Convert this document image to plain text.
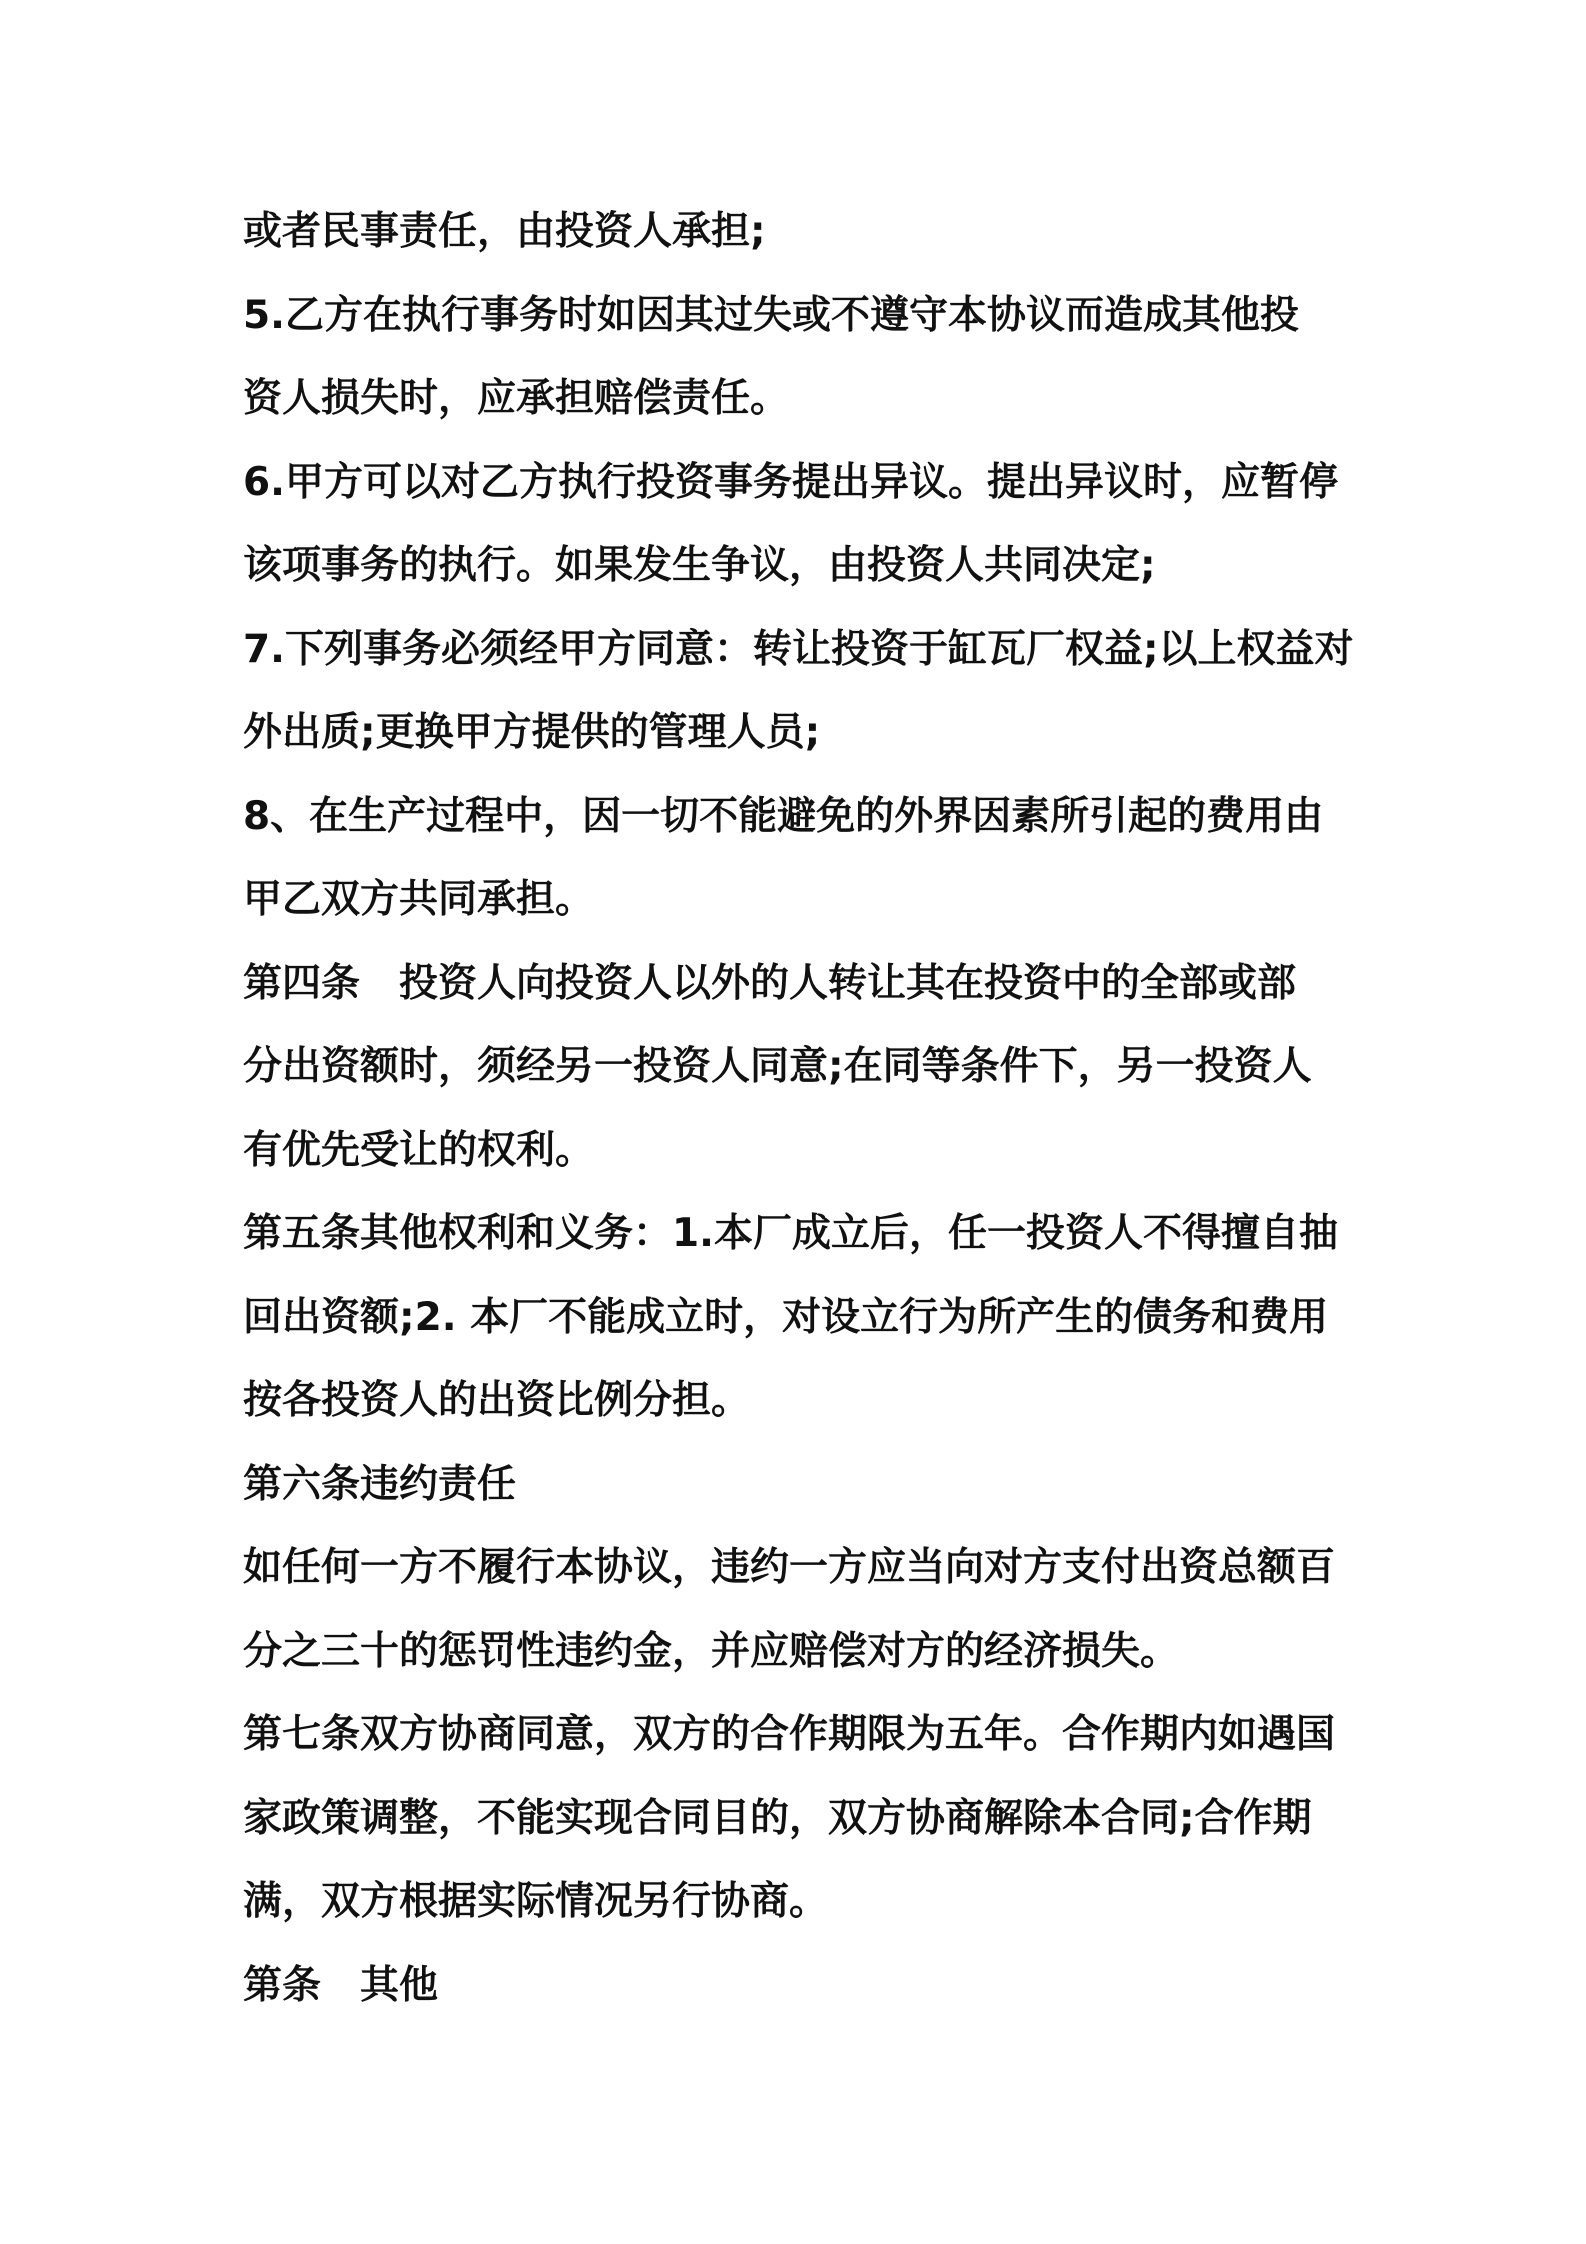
或者民事责任，由投资人承担;
5.乙方在执行事务时如因其过失或不遵守本协议而造成其他投
资人损失时，应承担赔偿责任。
6.甲方可以对乙方执行投资事务提出异议。提出异议时，应暂停
该项事务的执行。如果发生争议，由投资人共同决定;
7.下列事务必须经甲方同意：转让投资于缸瓦厂权益;以上权益对
外出质;更换甲方提供的管理人员;
8、在生产过程中，因一切不能避免的外界因素所引起的费用由
甲乙双方共同承担。
第四条　投资人向投资人以外的人转让其在投资中的全部或部
分出资额时，须经另一投资人同意;在同等条件下，另一投资人
有优先受让的权利。
第五条其他权利和义务：1.本厂成立后，任一投资人不得擅自抽
回出资额;2. 本厂不能成立时，对设立行为所产生的债务和费用
按各投资人的出资比例分担。
第六条违约责任
如任何一方不履行本协议，违约一方应当向对方支付出资总额百
分之三十的惩罚性违约金，并应赔偿对方的经济损失。
第七条双方协商同意，双方的合作期限为五年。合作期内如遇国
家政策调整，不能实现合同目的，双方协商解除本合同;合作期
满，双方根据实际情况另行协商。
第条　其他
